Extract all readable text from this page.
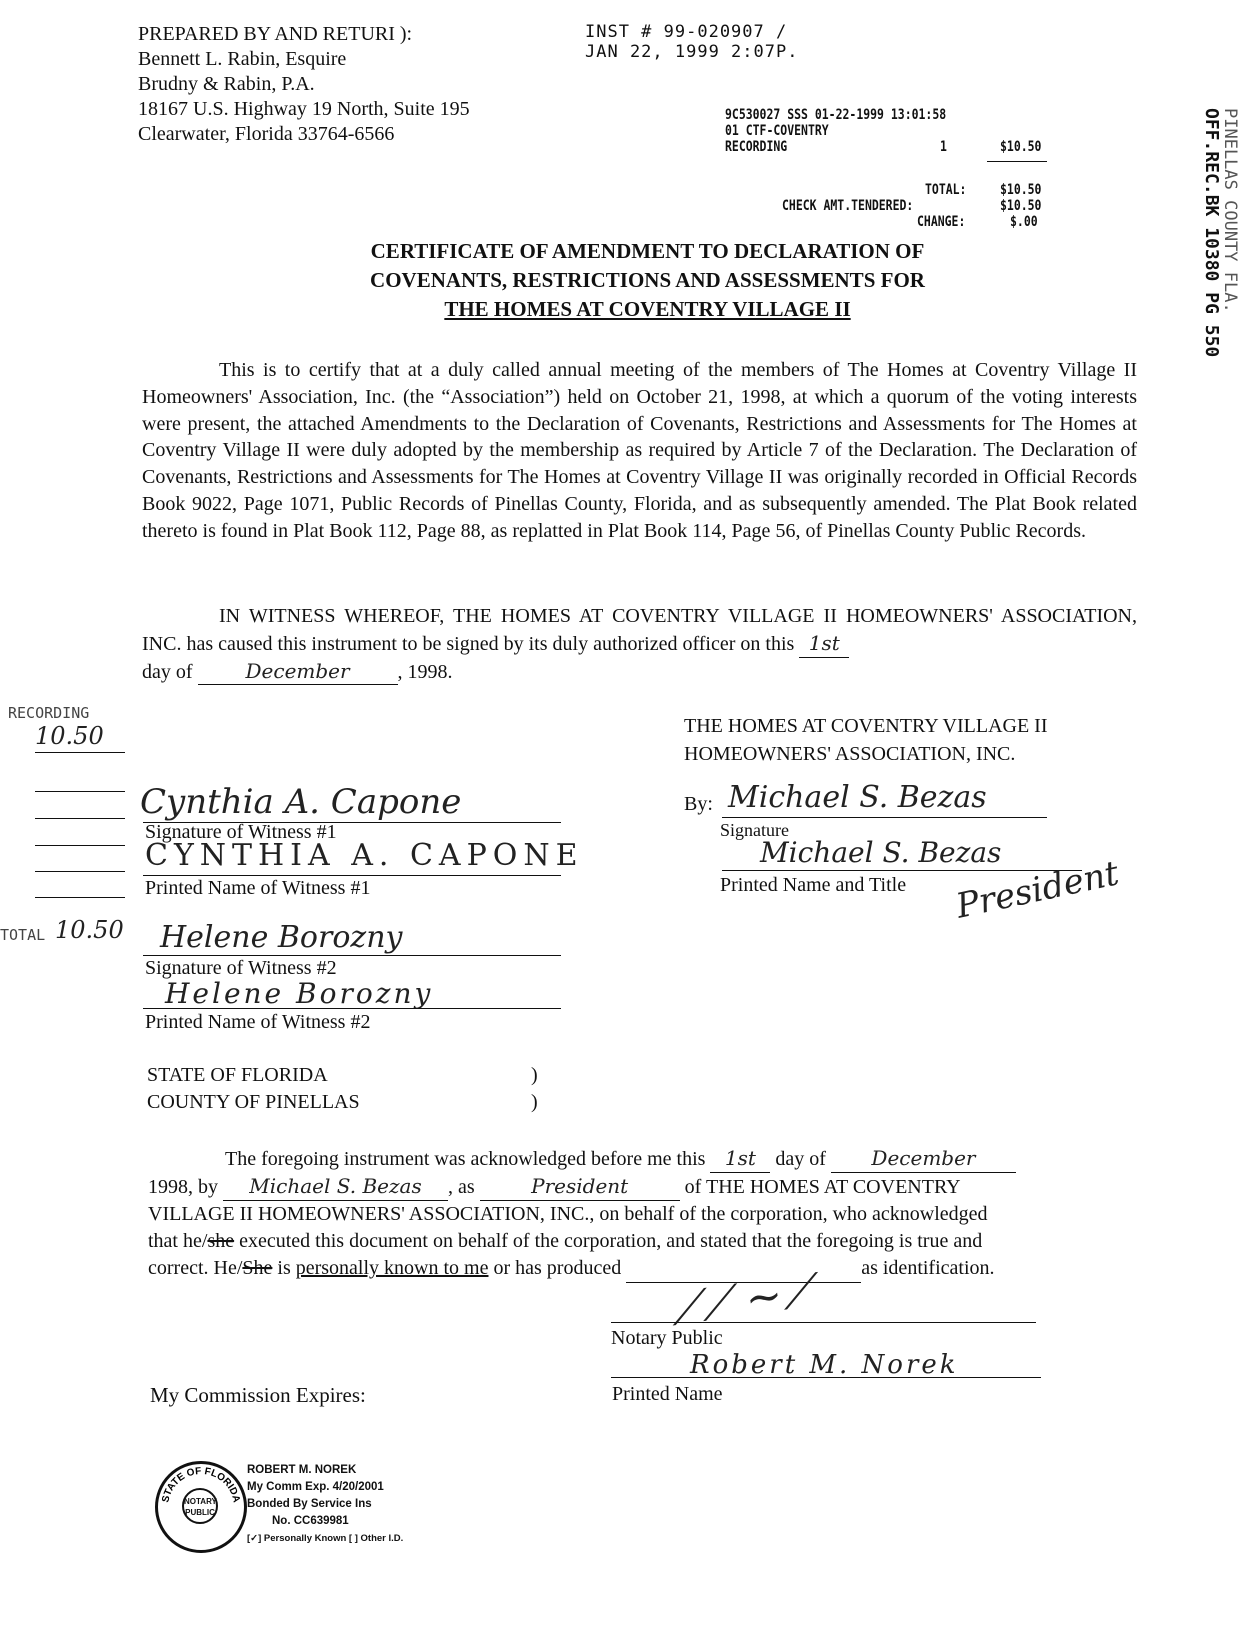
PREPARED BY AND RETURI ):
Bennett L. Rabin, Esquire
Brudny & Rabin, P.A.
18167 U.S. Highway 19 North, Suite 195
Clearwater, Florida 33764-6566
INST # 99-020907 /
JAN 22, 1999 2:07P.
9C530027 SSS 01-22-1999 13:01:58
01 CTF-COVENTRY
RECORDING	1	$10.50
TOTAL: $10.50
CHECK AMT.TENDERED:	$10.50
CHANGE:	$.00	PINELLAS COUNTY FLA.
OFF.REC.BK 10380 PG 550
CERTIFICATE OF AMENDMENT TO DECLARATION OF
COVENANTS, RESTRICTIONS AND ASSESSMENTS FOR
THE HOMES AT COVENTRY VILLAGE II
This is to certify that at a duly called annual meeting of the members of The Homes at Coventry Village II Homeowners' Association, Inc. (the “Association”) held on October 21, 1998, at which a quorum of the voting interests were present, the attached Amendments to the Declaration of Covenants, Restrictions and Assessments for The Homes at Coventry Village II were duly adopted by the membership as required by Article 7 of the Declaration. The Declaration of Covenants, Restrictions and Assessments for The Homes at Coventry Village II was originally recorded in Official Records Book 9022, Page 1071, Public Records of Pinellas County, Florida, and as subsequently amended. The Plat Book related thereto is found in Plat Book 112, Page 88, as replatted in Plat Book 114, Page 56, of Pinellas County Public Records.
IN WITNESS WHEREOF, THE HOMES AT COVENTRY VILLAGE II HOMEOWNERS' ASSOCIATION, INC. has caused this instrument to be signed by its duly authorized officer on this 1st
day of	December , 1998.
RECORDING
10.50
TOTAL 10.50
THE HOMES AT COVENTRY VILLAGE II
HOMEOWNERS' ASSOCIATION, INC.
By: Michael S. Bezas
Signature
Michael S. Bezas
Printed Name and Title President
Cynthia A. Capone
Signature of Witness #1
CYNTHIA A. CAPONE
Printed Name of Witness #1
Helene Borozny
Signature of Witness #2
Helene Borozny
Printed Name of Witness #2
STATE OF FLORIDA
COUNTY OF PINELLAS
)
)
The foregoing instrument was acknowledged before me this 1st day of December
1998, by Michael S. Bezas , as	President	of THE HOMES AT COVENTRY
VILLAGE II HOMEOWNERS' ASSOCIATION, INC., on behalf of the corporation, who acknowledged
that he/she executed this document on behalf of the corporation, and stated that the foregoing is true and
correct. He/She is personally known to me or has produced	as identification.
⟋⟋ ~⟋
Notary Public
Robert M. Norek
Printed Name
My Commission Expires:
STATE OF FLORIDA
NOTARY PUBLIC
ROBERT M. NOREK
My Comm Exp. 4/20/2001
Bonded By Service Ins
No. CC639981
[✓] Personally Known [ ] Other I.D.
